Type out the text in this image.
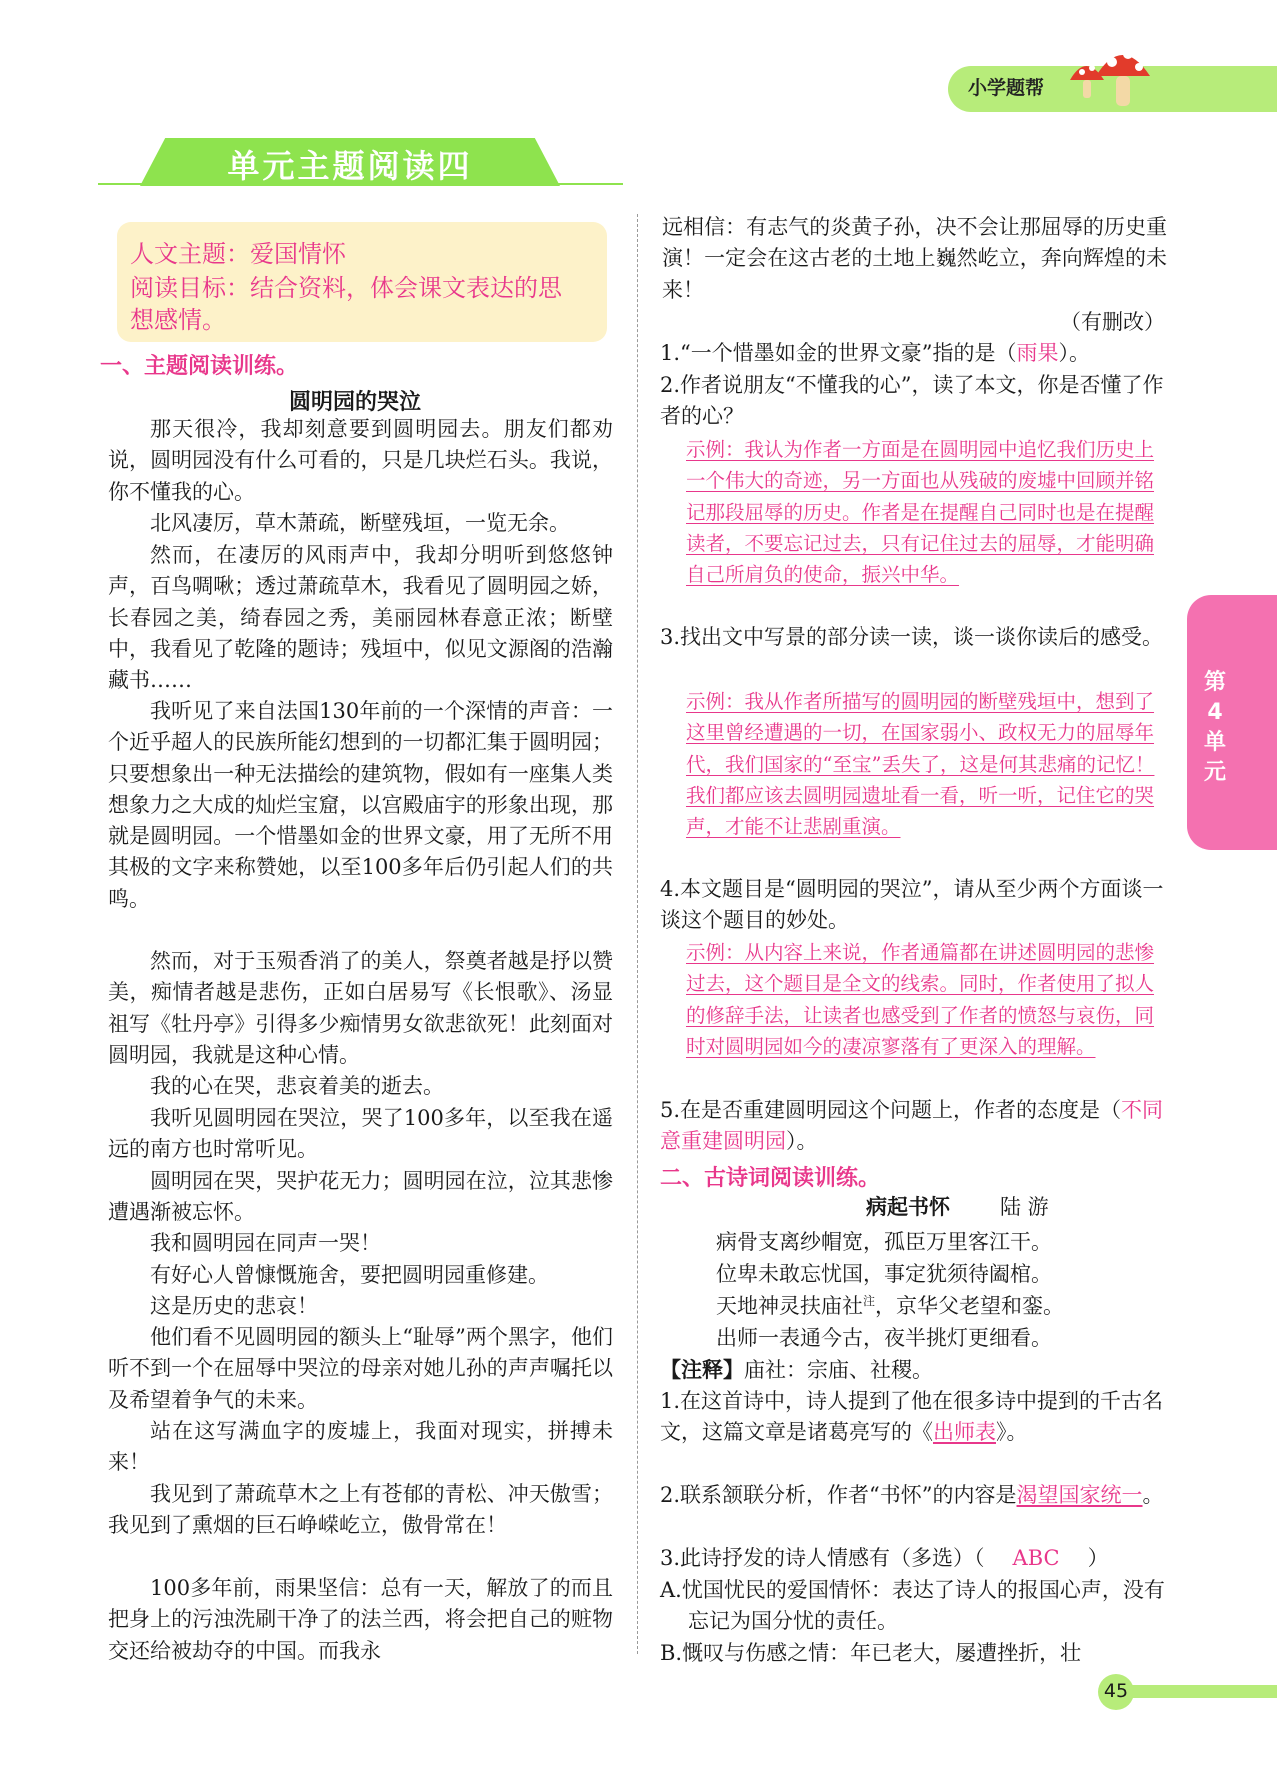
小学题帮
单元主题阅读四
人文主题：爱国情怀
阅读目标：结合资料，体会课文表达的思
想感情。
一、主题阅读训练。
圆明园的哭泣

那天很冷，我却刻意要到圆明园去。朋友们都劝说，圆明园没有什么可看的，只是几块烂石头。我说，你不懂我的心。

北风凄厉，草木萧疏，断壁残垣，一览无余。

然而，在凄厉的风雨声中，我却分明听到悠悠钟声，百鸟啁啾；透过萧疏草木，我看见了圆明园之娇，长春园之美，绮春园之秀，美丽园林春意正浓；断壁中，我看见了乾隆的题诗；残垣中，似见文源阁的浩瀚藏书……

我听见了来自法国130年前的一个深情的声音：一个近乎超人的民族所能幻想到的一切都汇集于圆明园；只要想象出一种无法描绘的建筑物，假如有一座集人类想象力之大成的灿烂宝窟，以宫殿庙宇的形象出现，那就是圆明园。一个惜墨如金的世界文豪，用了无所不用其极的文字来称赞她，以至100多年后仍引起人们的共鸣。

然而，对于玉殒香消了的美人，祭奠者越是抒以赞美，痴情者越是悲伤，正如白居易写《长恨歌》、汤显祖写《牡丹亭》引得多少痴情男女欲悲欲死！此刻面对圆明园，我就是这种心情。

我的心在哭，悲哀着美的逝去。

我听见圆明园在哭泣，哭了100多年，以至我在遥远的南方也时常听见。

圆明园在哭，哭护花无力；圆明园在泣，泣其悲惨遭遇渐被忘怀。

我和圆明园在同声一哭！

有好心人曾慷慨施舍，要把圆明园重修建。

这是历史的悲哀！

他们看不见圆明园的额头上“耻辱”两个黑字，他们听不到一个在屈辱中哭泣的母亲对她儿孙的声声嘱托以及希望着争气的未来。

站在这写满血字的废墟上，我面对现实，拼搏未来！

我见到了萧疏草木之上有苍郁的青松、冲天傲雪；我见到了熏烟的巨石峥嵘屹立，傲骨常在！

100多年前，雨果坚信：总有一天，解放了的而且把身上的污浊洗刷干净了的法兰西，将会把自己的赃物交还给被劫夺的中国。而我永

远相信：有志气的炎黄子孙，决不会让那屈辱的历史重演！一定会在这古老的土地上巍然屹立，奔向辉煌的未来！

（有删改）

1.“一个惜墨如金的世界文豪”指的是（雨果）。

2.作者说朋友“不懂我的心”，读了本文，你是否懂了作者的心？

示例：我认为作者一方面是在圆明园中追忆我们历史上一个伟大的奇迹，另一方面也从残破的废墟中回顾并铭记那段屈辱的历史。作者是在提醒自己同时也是在提醒读者，不要忘记过去，只有记住过去的屈辱，才能明确自己所肩负的使命，振兴中华。

3.找出文中写景的部分读一读，谈一谈你读后的感受。

示例：我从作者所描写的圆明园的断壁残垣中，想到了这里曾经遭遇的一切，在国家弱小、政权无力的屈辱年代，我们国家的“至宝”丢失了，这是何其悲痛的记忆！我们都应该去圆明园遗址看一看，听一听，记住它的哭声，才能不让悲剧重演。

4.本文题目是“圆明园的哭泣”，请从至少两个方面谈一谈这个题目的妙处。

示例：从内容上来说，作者通篇都在讲述圆明园的悲惨过去，这个题目是全文的线索。同时，作者使用了拟人的修辞手法，让读者也感受到了作者的愤怒与哀伤，同时对圆明园如今的凄凉寥落有了更深入的理解。

5.在是否重建圆明园这个问题上，作者的态度是（不同意重建圆明园）。

二、古诗词阅读训练。
病起书怀 陆 游
病骨支离纱帽宽，孤臣万里客江干。
位卑未敢忘忧国，事定犹须待阖棺。
天地神灵扶庙社$^注$，京华父老望和銮。
出师一表通今古，夜半挑灯更细看。
【注释】庙社：宗庙、社稷。

1.在这首诗中，诗人提到了他在很多诗中提到的千古名文，这篇文章是诸葛亮写的《出师表》。

2.联系颔联分析，作者“书怀”的内容是渴望国家统一。

3.此诗抒发的诗人情感有（多选）（ ABC ）

A.忧国忧民的爱国情怀：表达了诗人的报国心声，没有忘记为国分忧的责任。

B.慨叹与伤感之情：年已老大，屡遭挫折，壮

第4单元
45
